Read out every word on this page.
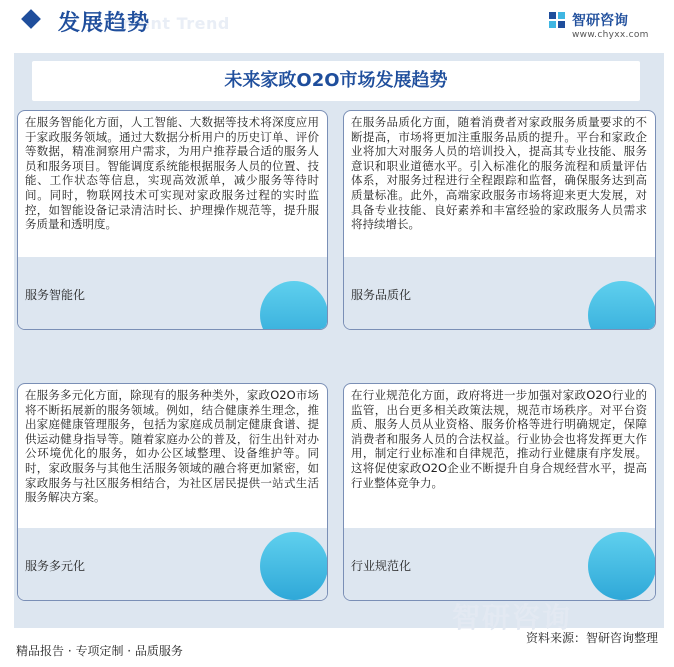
ment Trend
发展趋势	智研咨询
www.chyxx.com
未来家政O2O市场发展趋势
在服务智能化方面，人工智能、大数据等技术将深度应用于家政服务领域。通过大数据分析用户的历史订单、评价等数据，精准洞察用户需求，为用户推荐最合适的服务人员和服务项目。智能调度系统能根据服务人员的位置、技能、工作状态等信息，实现高效派单，减少服务等待时间。同时，物联网技术可实现对家政服务过程的实时监控，如智能设备记录清洁时长、护理操作规范等，提升服务质量和透明度。
服务智能化
在服务品质化方面，随着消费者对家政服务质量要求的不断提高，市场将更加注重服务品质的提升。平台和家政企业将加大对服务人员的培训投入，提高其专业技能、服务意识和职业道德水平。引入标准化的服务流程和质量评估体系，对服务过程进行全程跟踪和监督，确保服务达到高质量标准。此外，高端家政服务市场将迎来更大发展，对具备专业技能、良好素养和丰富经验的家政服务人员需求将持续增长。
服务品质化
在服务多元化方面，除现有的服务种类外，家政O2O市场将不断拓展新的服务领域。例如，结合健康养生理念，推出家庭健康管理服务，包括为家庭成员制定健康食谱、提供运动健身指导等。随着家庭办公的普及，衍生出针对办公环境优化的服务，如办公区域整理、设备维护等。同时，家政服务与其他生活服务领域的融合将更加紧密，如家政服务与社区服务相结合，为社区居民提供一站式生活服务解决方案。
服务多元化
在行业规范化方面，政府将进一步加强对家政O2O行业的监管，出台更多相关政策法规，规范市场秩序。对平台资质、服务人员从业资格、服务价格等进行明确规定，保障消费者和服务人员的合法权益。行业协会也将发挥更大作用，制定行业标准和自律规范，推动行业健康有序发展。这将促使家政O2O企业不断提升自身合规经营水平，提高行业整体竞争力。
行业规范化
智研咨询
精品报告 · 专项定制 · 品质服务
资料来源：智研咨询整理
